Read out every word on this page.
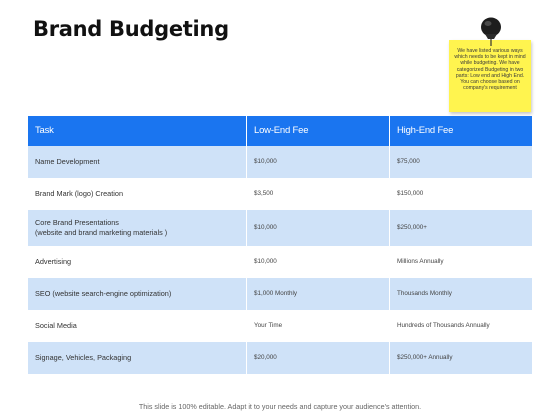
Brand Budgeting
We have listed various ways which needs to be kept in mind while budgeting. We have categorized Budgeting in two parts: Low end and High End. You can choose based on company's requirement
Task	Low-End Fee	High-End Fee
Name Development	$10,000	$75,000
Brand Mark (logo) Creation	$3,500	$150,000
Core Brand Presentations
(website and brand marketing materials )
$10,000	$250,000+
Advertising	$10,000	Millions Annually
SEO (website search-engine optimization)	$1,000 Monthly	Thousands Monthly
Social Media	Your Time	Hundreds of Thousands Annually
Signage, Vehicles, Packaging	$20,000	$250,000+ Annually
This slide is 100% editable. Adapt it to your needs and capture your audience's attention.
